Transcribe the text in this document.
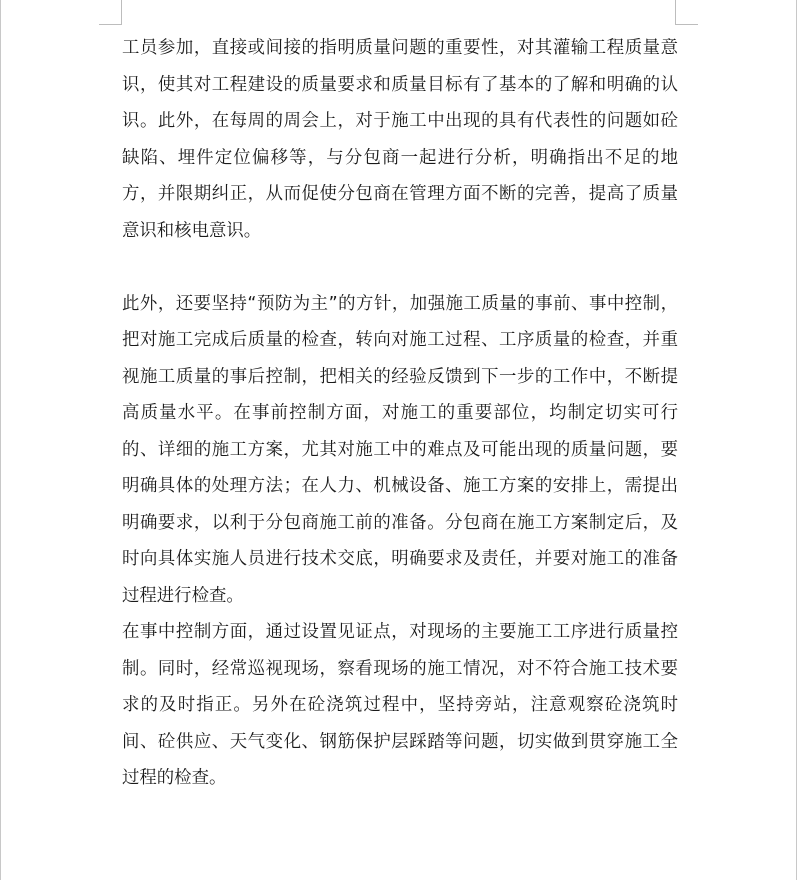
工员参加，直接或间接的指明质量问题的重要性，对其灌输工程质量意识，使其对工程建设的质量要求和质量目标有了基本的了解和明确的认识。此外，在每周的周会上，对于施工中出现的具有代表性的问题如砼缺陷、埋件定位偏移等，与分包商一起进行分析，明确指出不足的地方，并限期纠正，从而促使分包商在管理方面不断的完善，提高了质量意识和核电意识。

此外，还要坚持“预防为主”的方针，加强施工质量的事前、事中控制，把对施工完成后质量的检查，转向对施工过程、工序质量的检查，并重视施工质量的事后控制，把相关的经验反馈到下一步的工作中，不断提高质量水平。在事前控制方面，对施工的重要部位，均制定切实可行的、详细的施工方案，尤其对施工中的难点及可能出现的质量问题，要明确具体的处理方法；在人力、机械设备、施工方案的安排上，需提出明确要求，以利于分包商施工前的准备。分包商在施工方案制定后，及时向具体实施人员进行技术交底，明确要求及责任，并要对施工的准备过程进行检查。

在事中控制方面，通过设置见证点，对现场的主要施工工序进行质量控制。同时，经常巡视现场，察看现场的施工情况，对不符合施工技术要求的及时指正。另外在砼浇筑过程中，坚持旁站，注意观察砼浇筑时间、砼供应、天气变化、钢筋保护层踩踏等问题，切实做到贯穿施工全过程的检查。
